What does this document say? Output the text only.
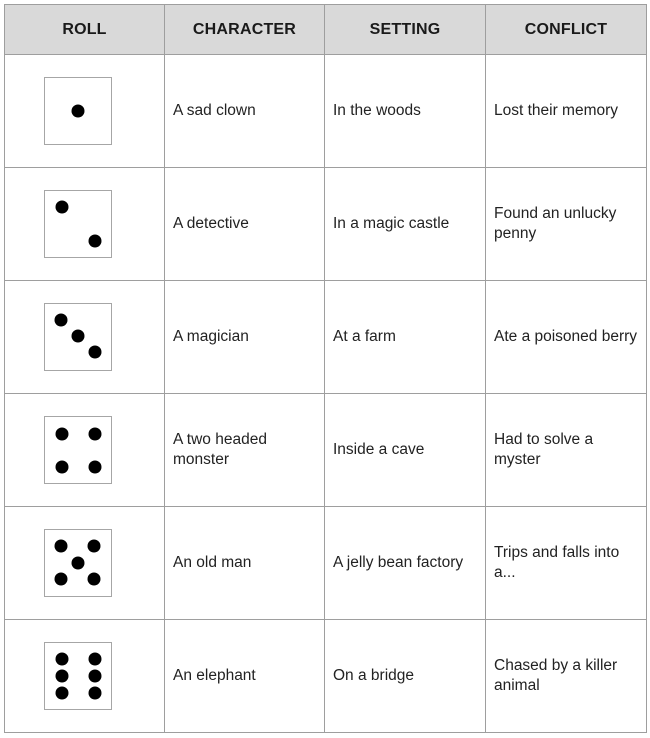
ROLL	CHARACTER	SETTING	CONFLICT

	A sad clown	In the woods	Lost their memory

	A detective	In a magic castle	Found an unlucky penny

	A magician	At a farm	Ate a poisoned berry

	A two headed monster	Inside a cave	Had to solve a myster

	An old man	A jelly bean factory	Trips and falls into a...

	An elephant	On a bridge	Chased by a killer animal
